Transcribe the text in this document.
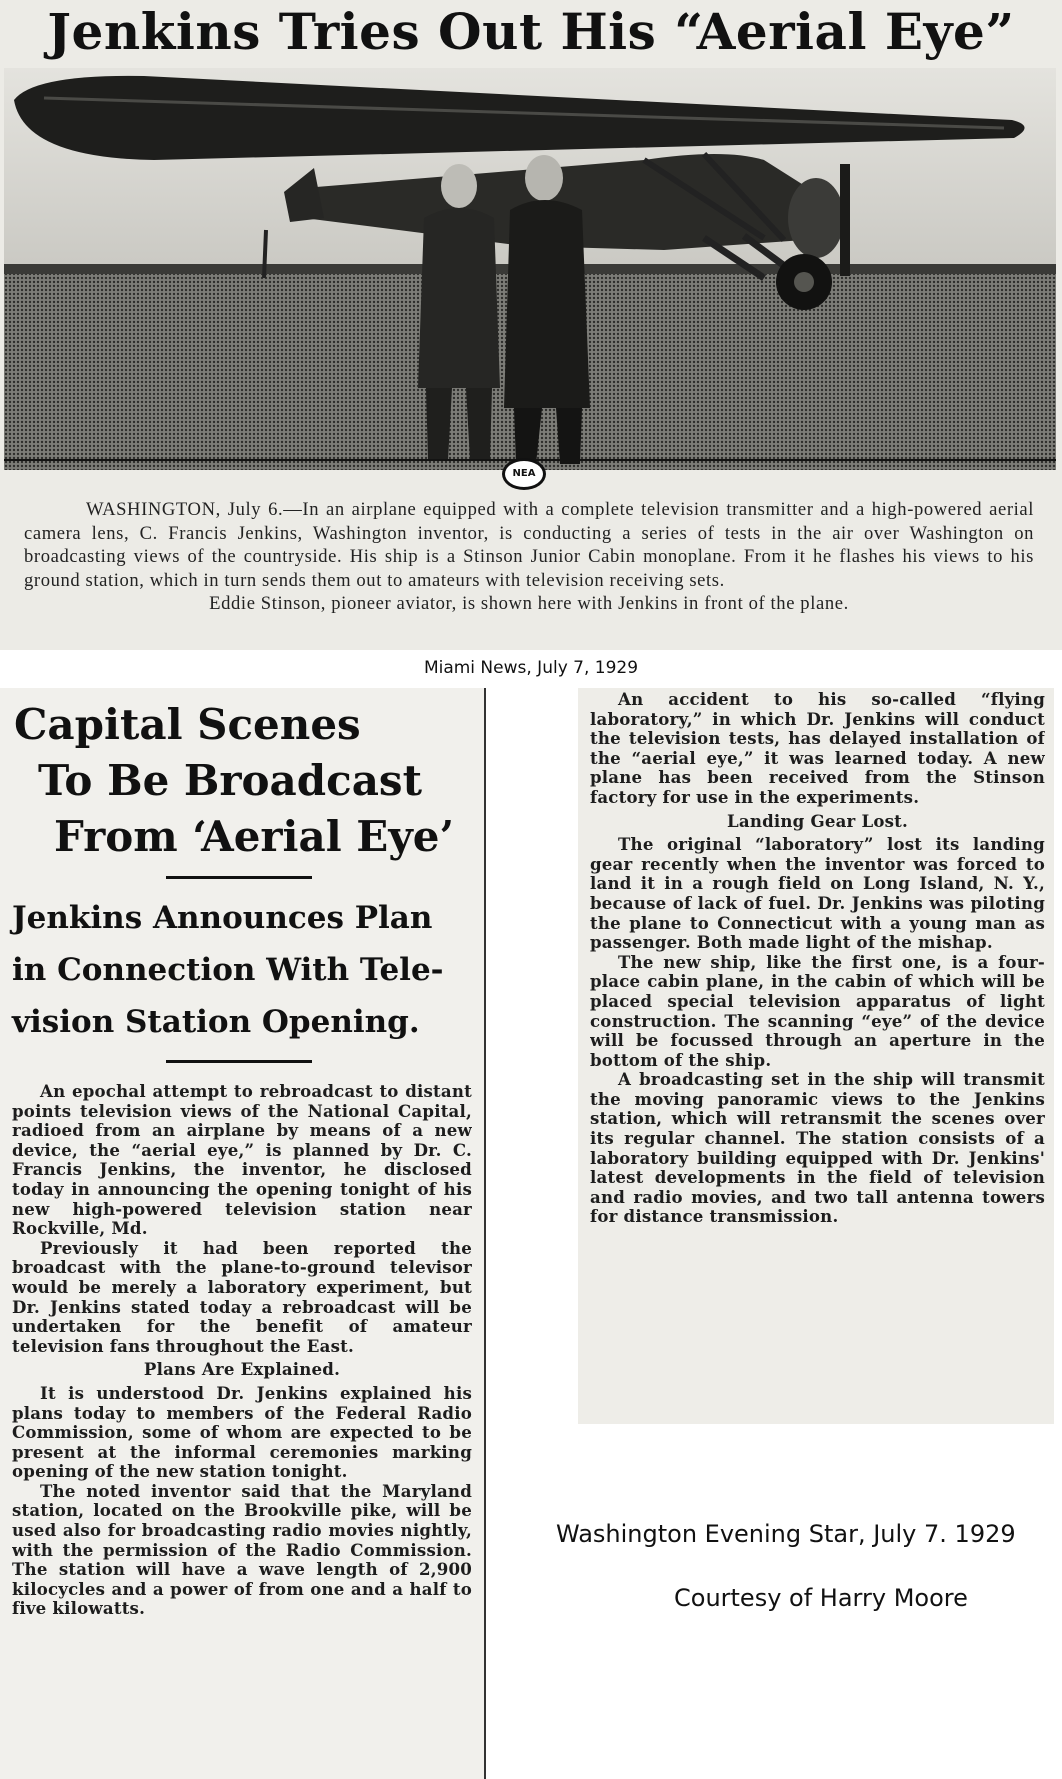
Jenkins Tries Out His “Aerial Eye”
NEA
WASHINGTON, July 6.—In an airplane equipped with a complete television transmitter and a high-powered aerial camera lens, C. Francis Jenkins, Washington inventor, is conducting a series of tests in the air over Washington on broadcasting views of the countryside. His ship is a Stinson Junior Cabin monoplane. From it he flashes his views to his ground station, which in turn sends them out to amateurs with television receiving sets.
Eddie Stinson, pioneer aviator, is shown here with Jenkins in front of the plane.
Miami News, July 7, 1929
Capital Scenes
To Be Broadcast
From ‘Aerial Eye’
Jenkins Announces Plan
in Connection With Tele-
vision Station Opening.

An epochal attempt to rebroadcast to distant points television views of the National Capital, radioed from an airplane by means of a new device, the “aerial eye,” is planned by Dr. C. Francis Jenkins, the inventor, he disclosed today in announcing the opening tonight of his new high-powered television station near Rockville, Md.

Previously it had been reported the broadcast with the plane-to-ground televisor would be merely a laboratory experiment, but Dr. Jenkins stated today a rebroadcast will be undertaken for the benefit of amateur television fans throughout the East.

Plans Are Explained.

It is understood Dr. Jenkins explained his plans today to members of the Federal Radio Commission, some of whom are expected to be present at the informal ceremonies marking opening of the new station tonight.

The noted inventor said that the Maryland station, located on the Brookville pike, will be used also for broadcasting radio movies nightly, with the permission of the Radio Commission. The station will have a wave length of 2,900 kilocycles and a power of from one and a half to five kilowatts.

An accident to his so-called “flying laboratory,” in which Dr. Jenkins will conduct the television tests, has delayed installation of the “aerial eye,” it was learned today. A new plane has been received from the Stinson factory for use in the experiments.

Landing Gear Lost.

The original “laboratory” lost its landing gear recently when the inventor was forced to land it in a rough field on Long Island, N. Y., because of lack of fuel. Dr. Jenkins was piloting the plane to Connecticut with a young man as passenger. Both made light of the mishap.

The new ship, like the first one, is a four-place cabin plane, in the cabin of which will be placed special television apparatus of light construction. The scanning “eye” of the device will be focussed through an aperture in the bottom of the ship.

A broadcasting set in the ship will transmit the moving panoramic views to the Jenkins station, which will retransmit the scenes over its regular channel. The station consists of a laboratory building equipped with Dr. Jenkins' latest developments in the field of television and radio movies, and two tall antenna towers for distance transmission.

Washington Evening Star, July 7. 1929
Courtesy of Harry Moore
